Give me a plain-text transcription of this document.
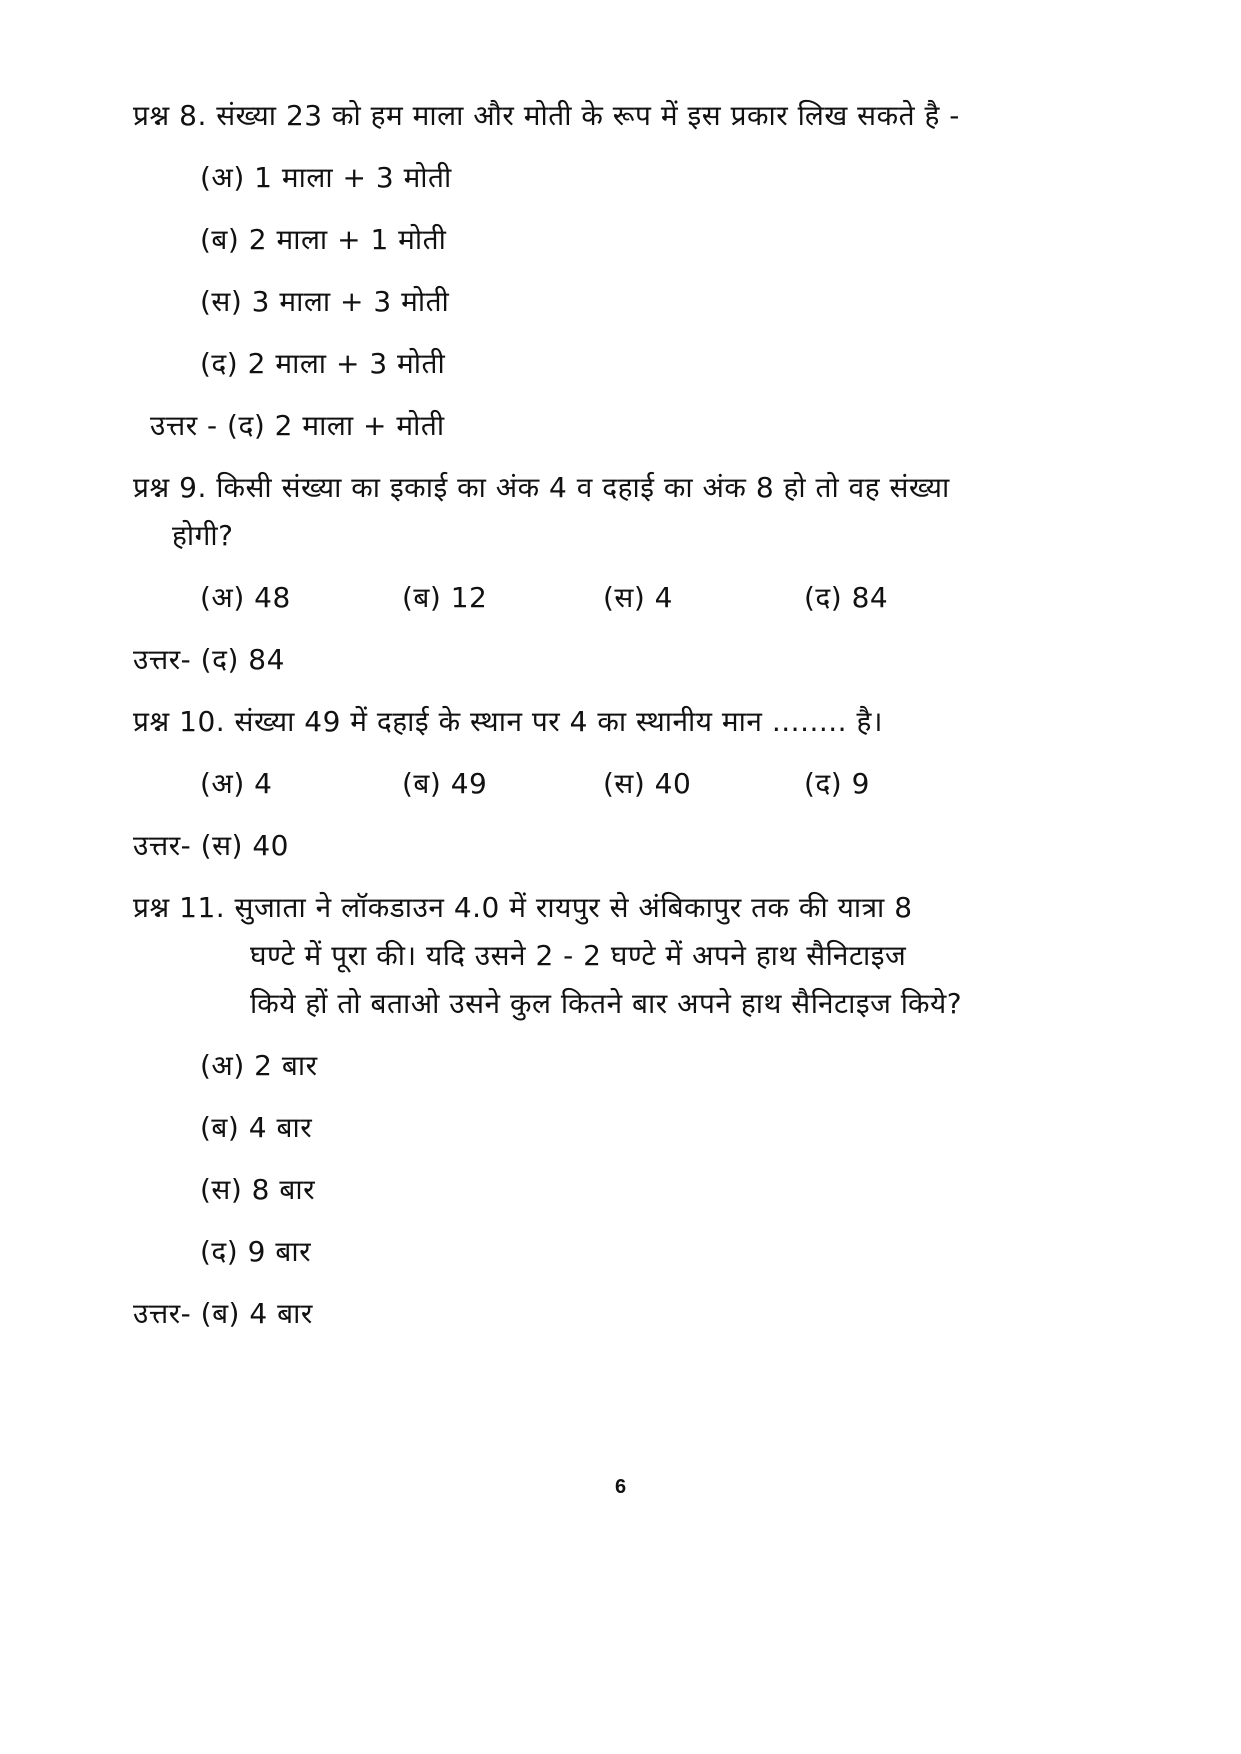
प्रश्न 8. संख्या 23 को हम माला और मोती के रूप में इस प्रकार लिख सकते है -
(अ) 1 माला + 3 मोती
(ब) 2 माला + 1 मोती
(स) 3 माला + 3 मोती
(द) 2 माला + 3 मोती
उत्तर - (द) 2 माला + मोती
प्रश्न 9. किसी संख्या का इकाई का अंक 4 व दहाई का अंक 8 हो तो वह संख्या
होगी?
(अ) 48	(ब) 12	(स) 4	(द) 84
उत्तर- (द) 84
प्रश्न 10. संख्या 49 में दहाई के स्थान पर 4 का स्थानीय मान ........ है।
(अ) 4	(ब) 49	(स) 40	(द) 9
उत्तर- (स) 40
प्रश्न 11. सुजाता ने लॉकडाउन 4.0 में रायपुर से अंबिकापुर तक की यात्रा 8
घण्टे में पूरा की। यदि उसने 2 - 2 घण्टे में अपने हाथ सैनिटाइज
किये हों तो बताओ उसने कुल कितने बार अपने हाथ सैनिटाइज किये?
(अ) 2 बार
(ब) 4 बार
(स) 8 बार
(द) 9 बार
उत्तर- (ब) 4 बार
6
